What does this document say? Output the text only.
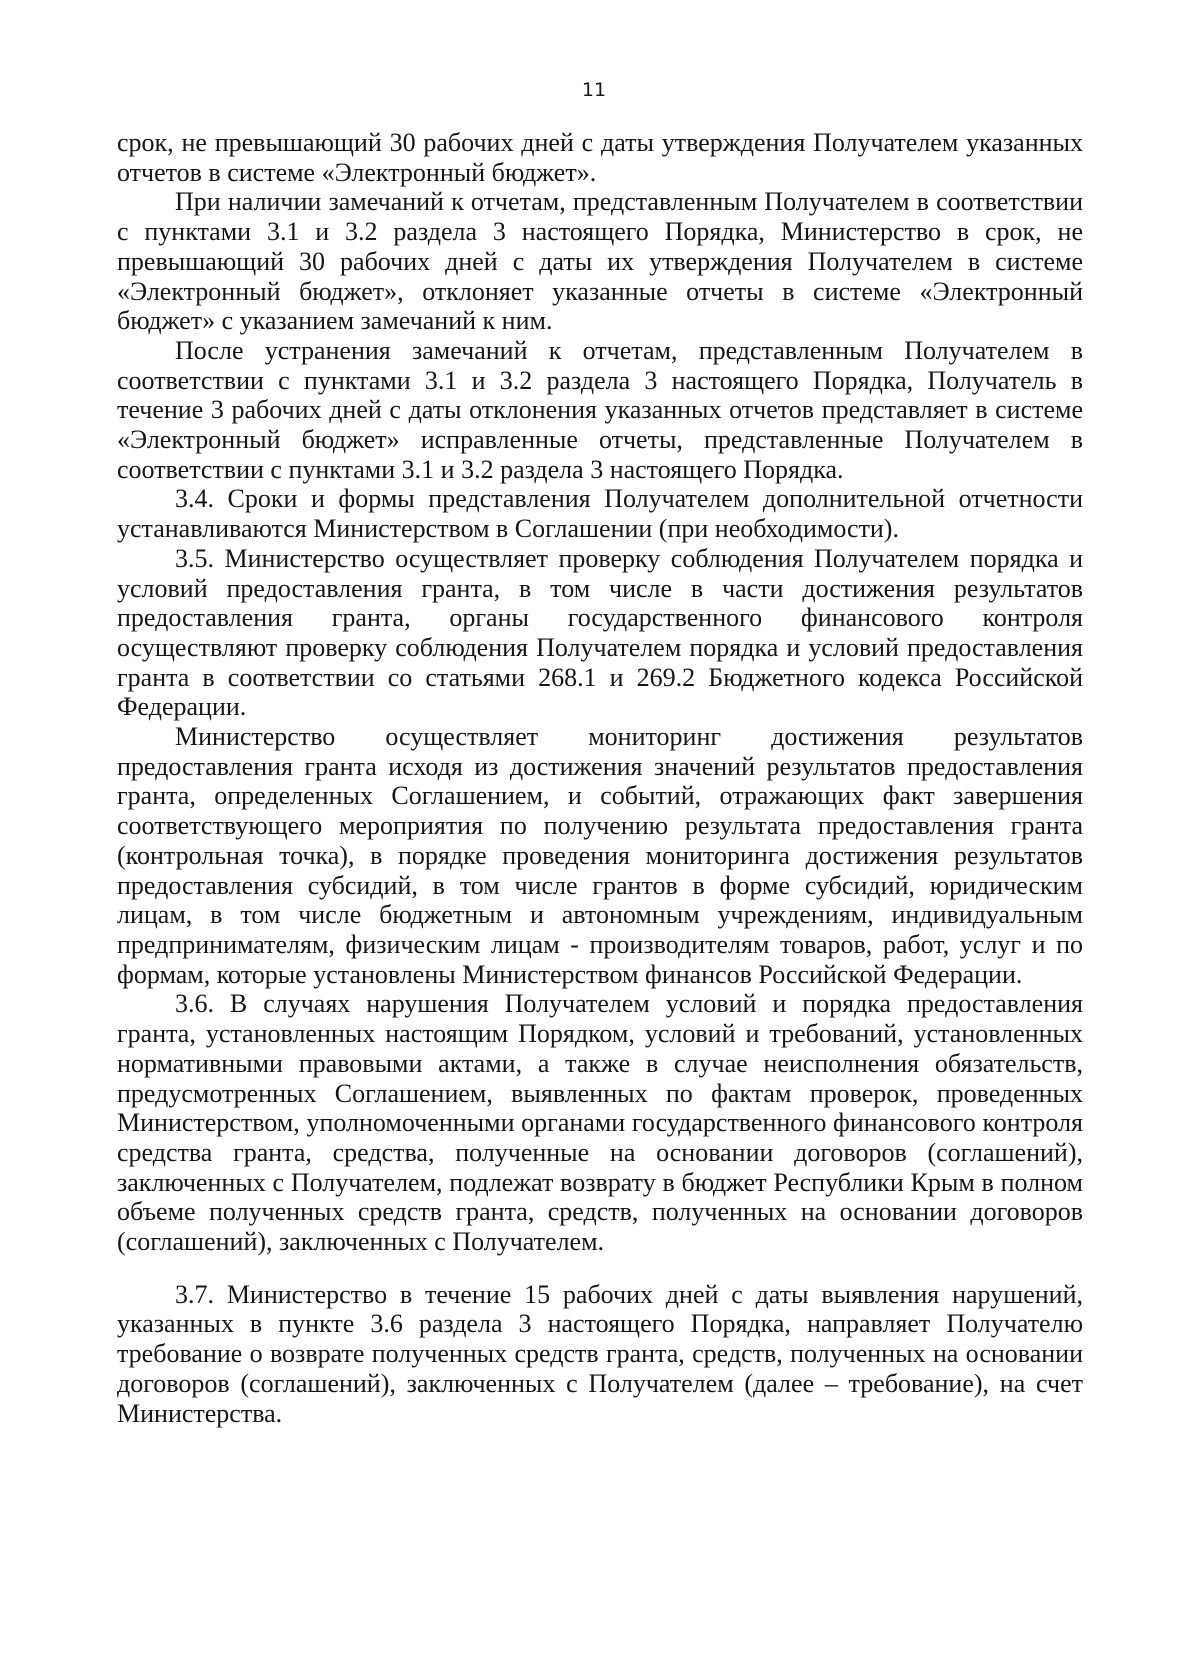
11

срок, не превышающий 30 рабочих дней с даты утверждения Получателем указанных отчетов в системе «Электронный бюджет».

При наличии замечаний к отчетам, представленным Получателем в соответствии с пунктами 3.1 и 3.2 раздела 3 настоящего Порядка, Министерство в срок, не превышающий 30 рабочих дней с даты их утверждения Получателем в системе «Электронный бюджет», отклоняет указанные отчеты в системе «Электронный бюджет» с указанием замечаний к ним.

После устранения замечаний к отчетам, представленным Получателем в соответствии с пунктами 3.1 и 3.2 раздела 3 настоящего Порядка, Получатель в течение 3 рабочих дней с даты отклонения указанных отчетов представляет в системе «Электронный бюджет» исправленные отчеты, представленные Получателем в соответствии с пунктами 3.1 и 3.2 раздела 3 настоящего Порядка.

3.4. Сроки и формы представления Получателем дополнительной отчетности устанавливаются Министерством в Соглашении (при необходимости).

3.5. Министерство осуществляет проверку соблюдения Получателем порядка и условий предоставления гранта, в том числе в части достижения результатов предоставления гранта, органы государственного финансового контроля осуществляют проверку соблюдения Получателем порядка и условий предоставления гранта в соответствии со статьями 268.1 и 269.2 Бюджетного кодекса Российской Федерации.

Министерство осуществляет мониторинг достижения результатов предоставления гранта исходя из достижения значений результатов предоставления гранта, определенных Соглашением, и событий, отражающих факт завершения соответствующего мероприятия по получению результата предоставления гранта (контрольная точка), в порядке проведения мониторинга достижения результатов предоставления субсидий, в том числе грантов в форме субсидий, юридическим лицам, в том числе бюджетным и автономным учреждениям, индивидуальным предпринимателям, физическим лицам - производителям товаров, работ, услуг и по формам, которые установлены Министерством финансов Российской Федерации.

3.6. В случаях нарушения Получателем условий и порядка предоставления гранта, установленных настоящим Порядком, условий и требований, установленных нормативными правовыми актами, а также в случае неисполнения обязательств, предусмотренных Соглашением, выявленных по фактам проверок, проведенных Министерством, уполномоченными органами государственного финансового контроля средства гранта, средства, полученные на основании договоров (соглашений), заключенных с Получателем, подлежат возврату в бюджет Республики Крым в полном объеме полученных средств гранта, средств, полученных на основании договоров (соглашений), заключенных с Получателем.

3.7. Министерство в течение 15 рабочих дней с даты выявления нарушений, указанных в пункте 3.6 раздела 3 настоящего Порядка, направляет Получателю требование о возврате полученных средств гранта, средств, полученных на основании договоров (соглашений), заключенных с Получателем (далее – требование), на счет Министерства.
